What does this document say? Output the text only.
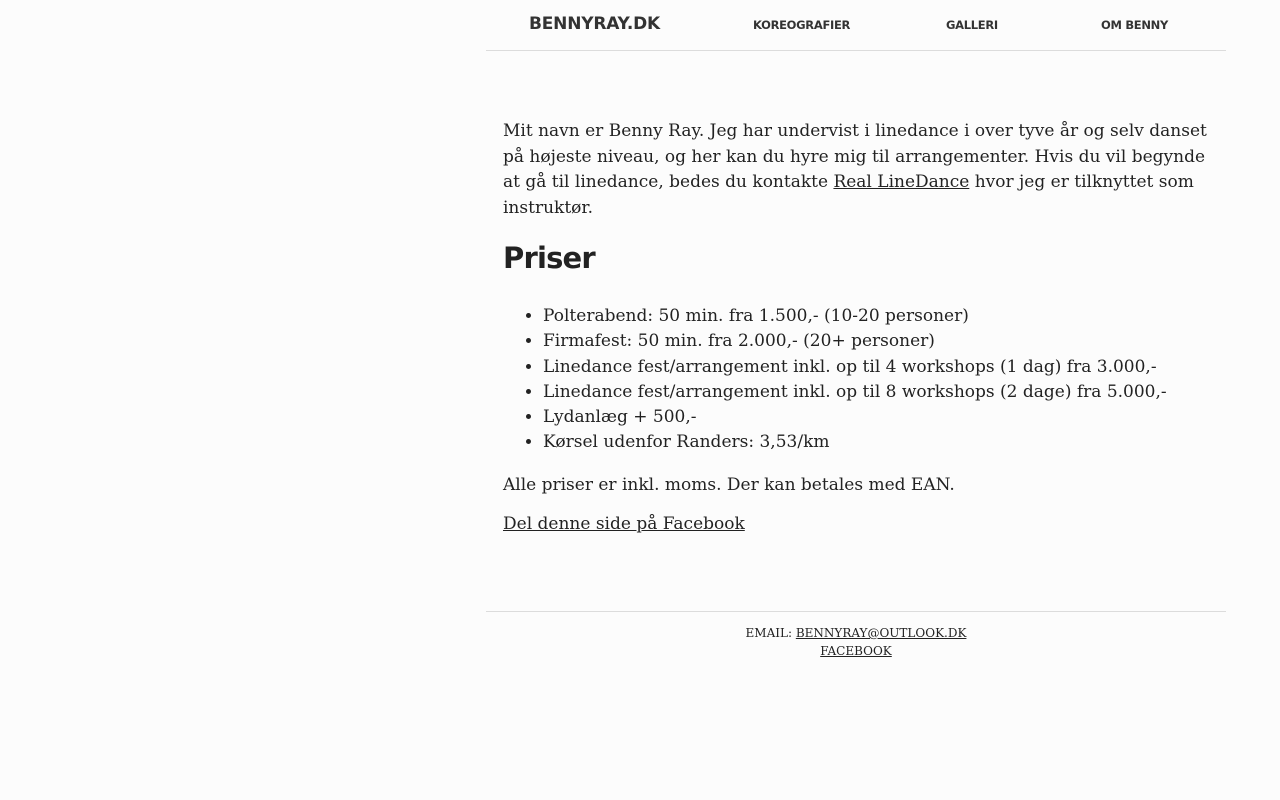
BENNYRAY.DK	KOREOGRAFIER	GALLERI	OM BENNY

Mit navn er Benny Ray. Jeg har undervist i linedance i over tyve år og selv danset på højeste niveau, og her kan du hyre mig til arrangementer. Hvis du vil begynde at gå til linedance, bedes du kontakte Real LineDance hvor jeg er tilknyttet som instruktør.

Priser
• Polterabend: 50 min. fra 1.500,- (10-20 personer)
• Firmafest: 50 min. fra 2.000,- (20+ personer)
• Linedance fest/arrangement inkl. op til 4 workshops (1 dag) fra 3.000,-
• Linedance fest/arrangement inkl. op til 8 workshops (2 dage) fra 5.000,-
• Lydanlæg + 500,-
• Kørsel udenfor Randers: 3,53/km

Alle priser er inkl. moms. Der kan betales med EAN.

Del denne side på Facebook

EMAIL: BENNYRAY@OUTLOOK.DK
FACEBOOK
